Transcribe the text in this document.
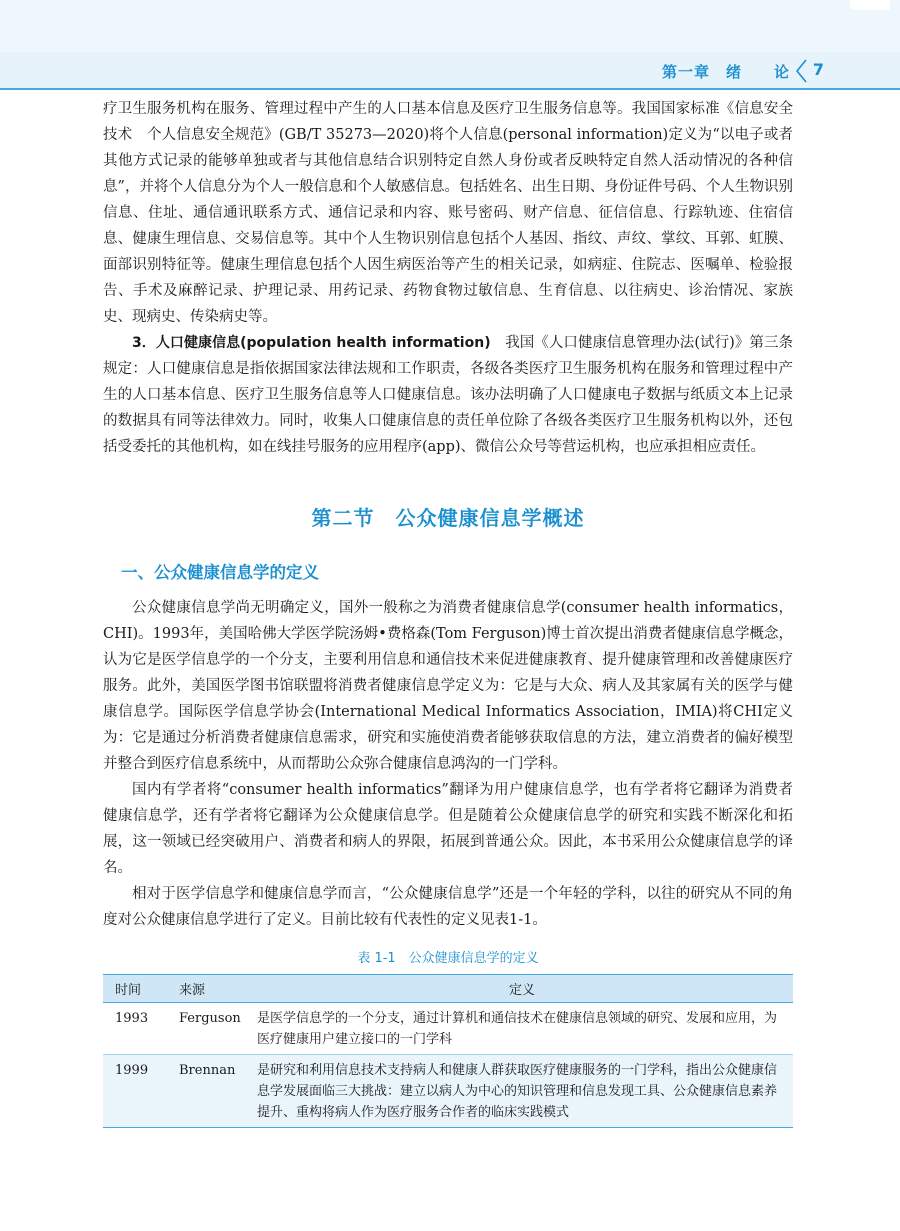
第一章　绪　　论 7

疗卫生服务机构在服务、管理过程中产生的人口基本信息及医疗卫生服务信息等。我国国家标准《信息安全技术　个人信息安全规范》(GB/T 35273—2020)将个人信息(personal information)定义为“以电子或者其他方式记录的能够单独或者与其他信息结合识别特定自然人身份或者反映特定自然人活动情况的各种信息”，并将个人信息分为个人一般信息和个人敏感信息。包括姓名、出生日期、身份证件号码、个人生物识别信息、住址、通信通讯联系方式、通信记录和内容、账号密码、财产信息、征信信息、行踪轨迹、住宿信息、健康生理信息、交易信息等。其中个人生物识别信息包括个人基因、指纹、声纹、掌纹、耳郭、虹膜、面部识别特征等。健康生理信息包括个人因生病医治等产生的相关记录，如病症、住院志、医嘱单、检验报告、手术及麻醉记录、护理记录、用药记录、药物食物过敏信息、生育信息、以往病史、诊治情况、家族史、现病史、传染病史等。

3．人口健康信息(population health information)　我国《人口健康信息管理办法(试行)》第三条规定：人口健康信息是指依据国家法律法规和工作职责，各级各类医疗卫生服务机构在服务和管理过程中产生的人口基本信息、医疗卫生服务信息等人口健康信息。该办法明确了人口健康电子数据与纸质文本上记录的数据具有同等法律效力。同时，收集人口健康信息的责任单位除了各级各类医疗卫生服务机构以外，还包括受委托的其他机构，如在线挂号服务的应用程序(app)、微信公众号等营运机构，也应承担相应责任。

第二节　公众健康信息学概述
一、公众健康信息学的定义

公众健康信息学尚无明确定义，国外一般称之为消费者健康信息学(consumer health informatics，CHI)。1993年，美国哈佛大学医学院汤姆•费格森(Tom Ferguson)博士首次提出消费者健康信息学概念，认为它是医学信息学的一个分支，主要利用信息和通信技术来促进健康教育、提升健康管理和改善健康医疗服务。此外，美国医学图书馆联盟将消费者健康信息学定义为：它是与大众、病人及其家属有关的医学与健康信息学。国际医学信息学协会(International Medical Informatics Association，IMIA)将CHI定义为：它是通过分析消费者健康信息需求，研究和实施使消费者能够获取信息的方法，建立消费者的偏好模型并整合到医疗信息系统中，从而帮助公众弥合健康信息鸿沟的一门学科。

国内有学者将“consumer health informatics”翻译为用户健康信息学，也有学者将它翻译为消费者健康信息学，还有学者将它翻译为公众健康信息学。但是随着公众健康信息学的研究和实践不断深化和拓展，这一领域已经突破用户、消费者和病人的界限，拓展到普通公众。因此，本书采用公众健康信息学的译名。

相对于医学信息学和健康信息学而言，“公众健康信息学”还是一个年轻的学科，以往的研究从不同的角度对公众健康信息学进行了定义。目前比较有代表性的定义见表1-1。

表 1-1　公众健康信息学的定义
时间	来源	定义
1993	Ferguson	是医学信息学的一个分支，通过计算机和通信技术在健康信息领域的研究、发展和应用，为医疗健康用户建立接口的一门学科
1999	Brennan	是研究和利用信息技术支持病人和健康人群获取医疗健康服务的一门学科，指出公众健康信息学发展面临三大挑战：建立以病人为中心的知识管理和信息发现工具、公众健康信息素养提升、重构将病人作为医疗服务合作者的临床实践模式
